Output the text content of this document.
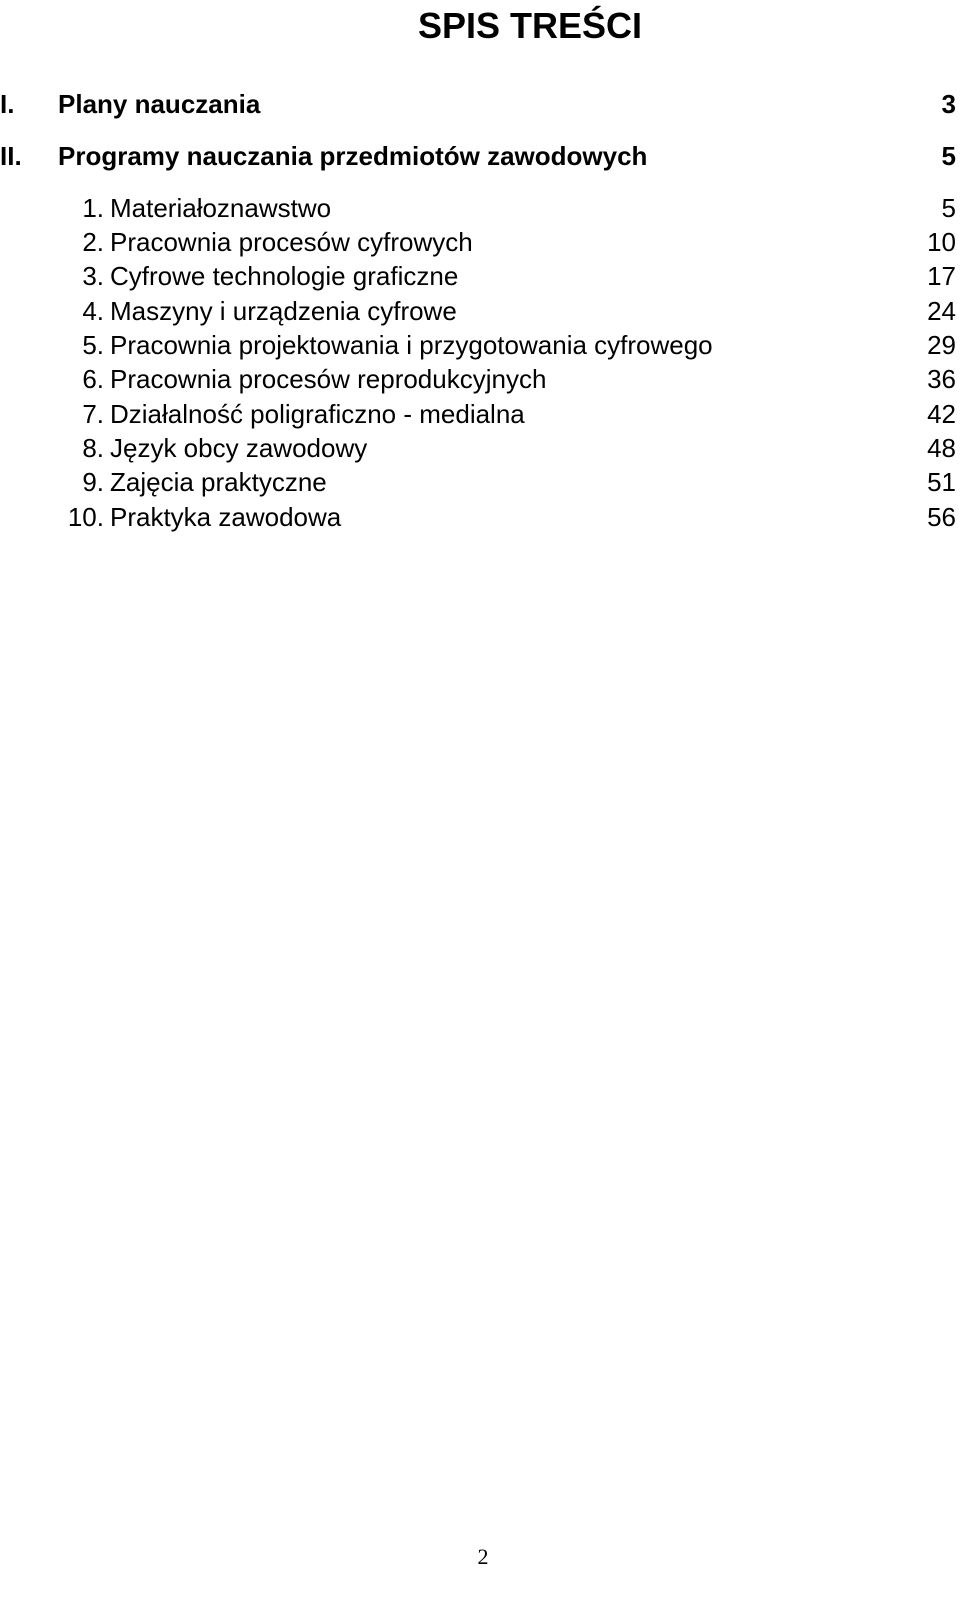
SPIS TREŚCI
I. Plany nauczania	3
II. Programy nauczania przedmiotów zawodowych	5
1. Materiałoznawstwo	5
2. Pracownia procesów cyfrowych	10
3. Cyfrowe technologie graficzne	17
4. Maszyny i urządzenia cyfrowe	24
5. Pracownia projektowania i przygotowania cyfrowego	29
6. Pracownia procesów reprodukcyjnych	36
7. Działalność poligraficzno - medialna	42
8. Język obcy zawodowy	48
9. Zajęcia praktyczne	51
10. Praktyka zawodowa	56
2
